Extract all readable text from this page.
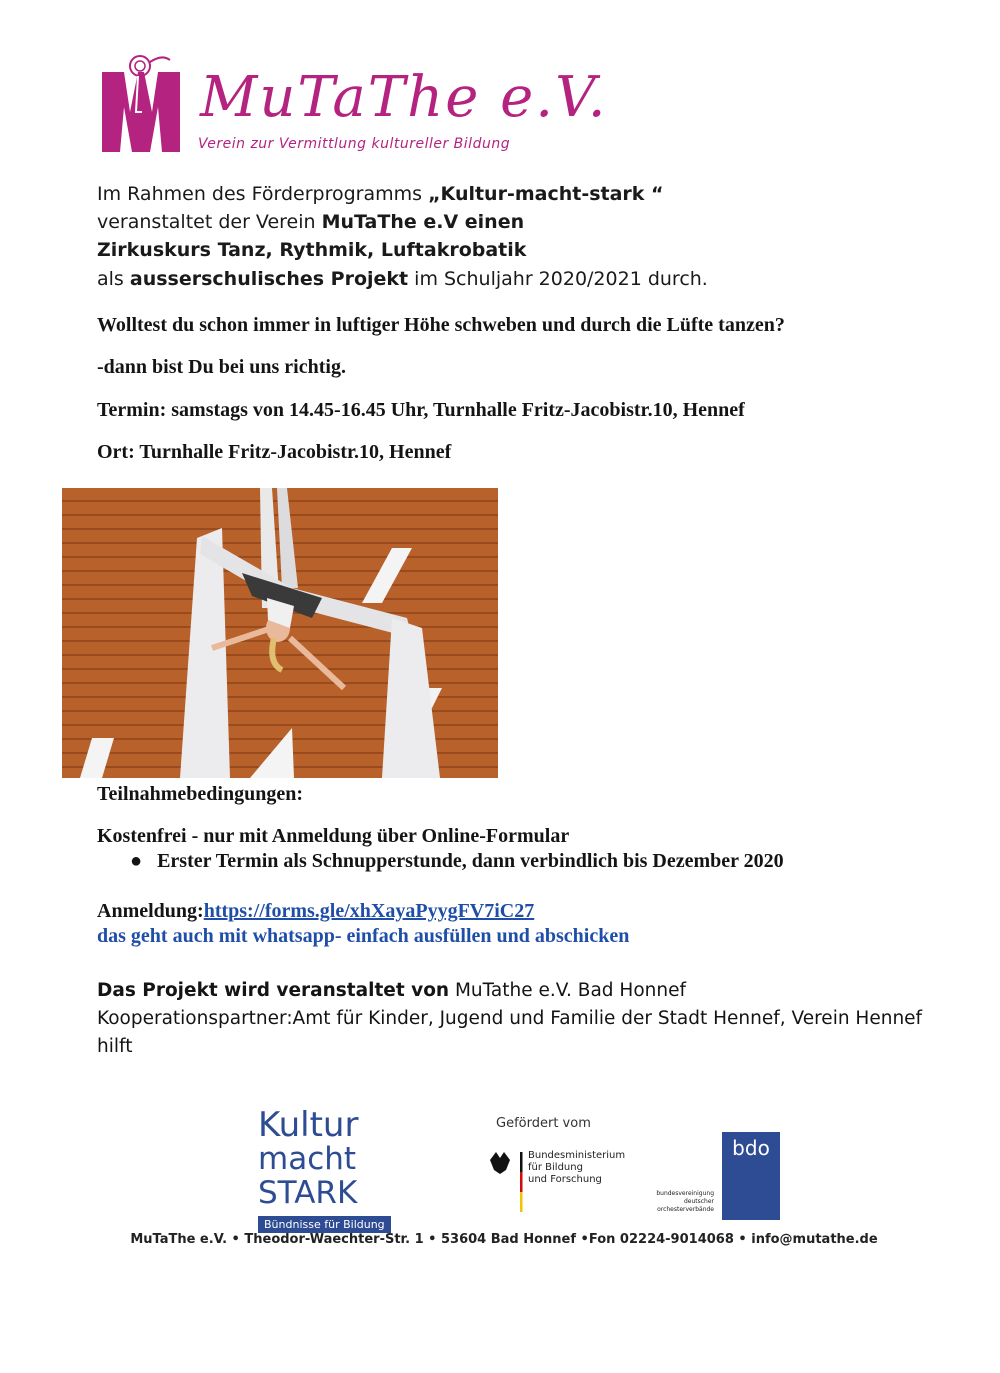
MuTaThe e.V.
Verein zur Vermittlung kultureller Bildung
Im Rahmen des Förderprogramms „Kultur-macht-stark “
veranstaltet der Verein MuTaThe e.V einen
Zirkuskurs Tanz, Rythmik, Luftakrobatik
als ausserschulisches Projekt im Schuljahr 2020/2021 durch.
Wolltest du schon immer in luftiger Höhe schweben und durch die Lüfte tanzen?
-dann bist Du bei uns richtig.
Termin: samstags von 14.45-16.45 Uhr, Turnhalle Fritz-Jacobistr.10, Hennef
Ort: Turnhalle Fritz-Jacobistr.10, Hennef
Teilnahmebedingungen:
Kostenfrei - nur mit Anmeldung über Online-Formular
●   Erster Termin als Schnupperstunde, dann verbindlich bis Dezember 2020
Anmeldung:https://forms.gle/xhXayaPyygFV7iC27
das geht auch mit whatsapp- einfach ausfüllen und abschicken
Das Projekt wird veranstaltet von MuTathe e.V. Bad Honnef
Kooperationspartner:Amt für Kinder, Jugend und Familie der Stadt Hennef, Verein Hennef
hilft
Kultur
macht STARK
Bündnisse für Bildung
Gefördert vom
Bundesministerium
für Bildung
und Forschung
bdo
bundesvereinigung
deutscher
orchesterverbände
MuTaThe e.V. • Theodor-Waechter-Str. 1 • 53604 Bad Honnef •Fon 02224-9014068 • info@mutathe.de
